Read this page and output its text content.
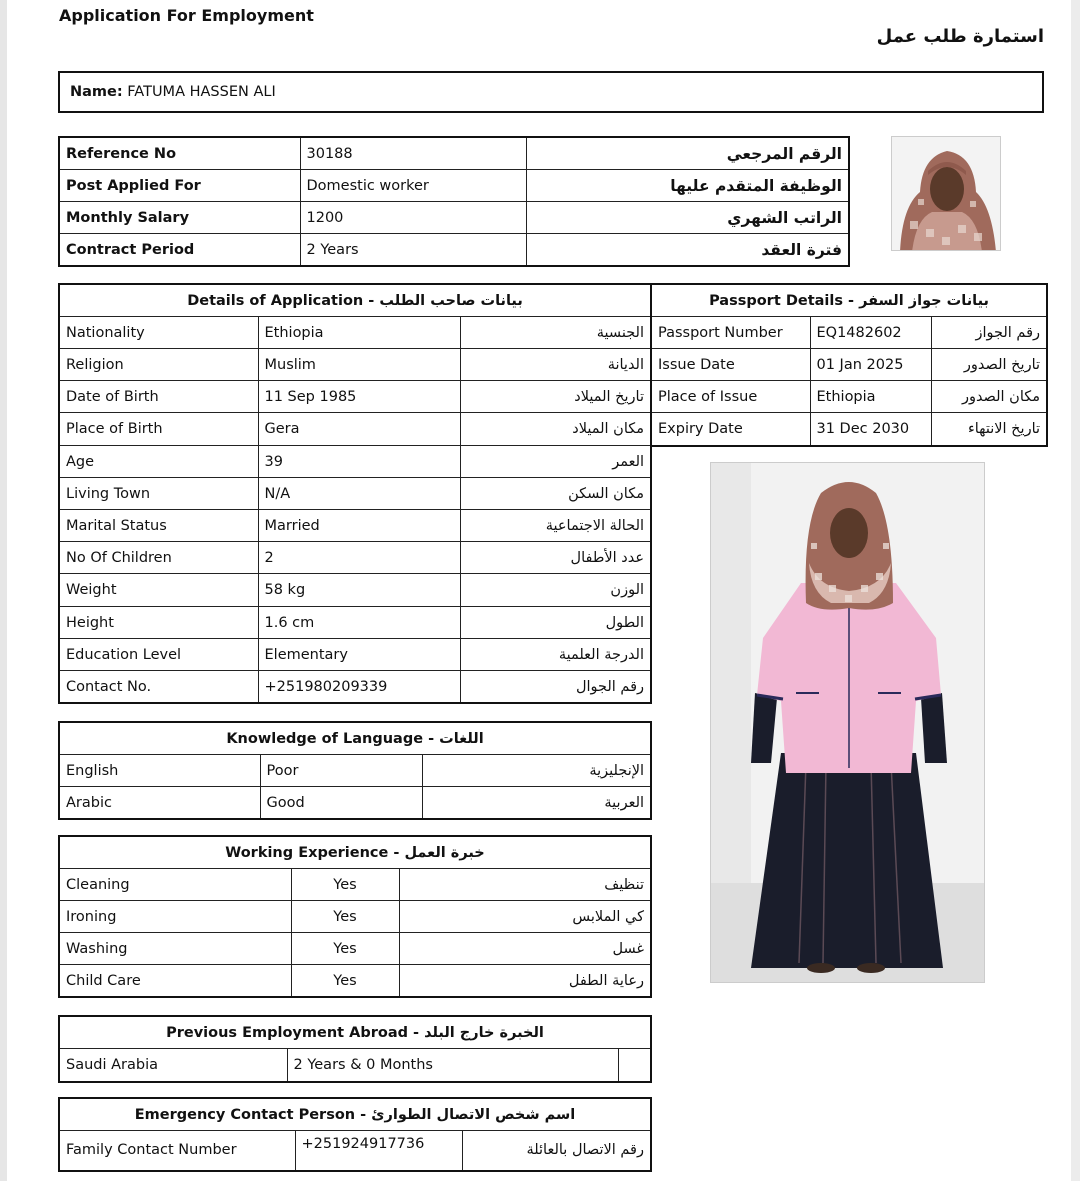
Application For Employment
استمارة طلب عمل
Name: FATUMA HASSEN ALI
Reference No	30188	الرقم المرجعي
Post Applied For	Domestic worker	الوظيفة المتقدم عليها
Monthly Salary	1200	الراتب الشهري
Contract Period	2 Years	فترة العقد
Details of Application - بيانات صاحب الطلب		
Nationality	Ethiopia	الجنسية
Religion	Muslim	الديانة
Date of Birth	11 Sep 1985	تاريخ الميلاد
Place of Birth	Gera	مكان الميلاد
Age	39	العمر
Living Town	N/A	مكان السكن
Marital Status	Married	الحالة الاجتماعية
No Of Children	2	عدد الأطفال
Weight	58 kg	الوزن
Height	1.6 cm	الطول
Education Level	Elementary	الدرجة العلمية
Contact No.	+251980209339	رقم الجوال
Passport Details - بيانات جواز السفر		
Passport Number	EQ1482602	رقم الجواز
Issue Date	01 Jan 2025	تاريخ الصدور
Place of Issue	Ethiopia	مكان الصدور
Expiry Date	31 Dec 2030	تاريخ الانتهاء
Knowledge of Language - اللغات		
English	Poor	الإنجليزية
Arabic	Good	العربية
Working Experience - خبرة العمل		
Cleaning	Yes	تنظيف
Ironing	Yes	كي الملابس
Washing	Yes	غسل
Child Care	Yes	رعاية الطفل
Previous Employment Abroad - الخبرة خارج البلد
Saudi Arabia	2 Years & 0 Months	
Emergency Contact Person - اسم شخص الاتصال الطوارئ
Family Contact Number	+251924917736	رقم الاتصال بالعائلة
